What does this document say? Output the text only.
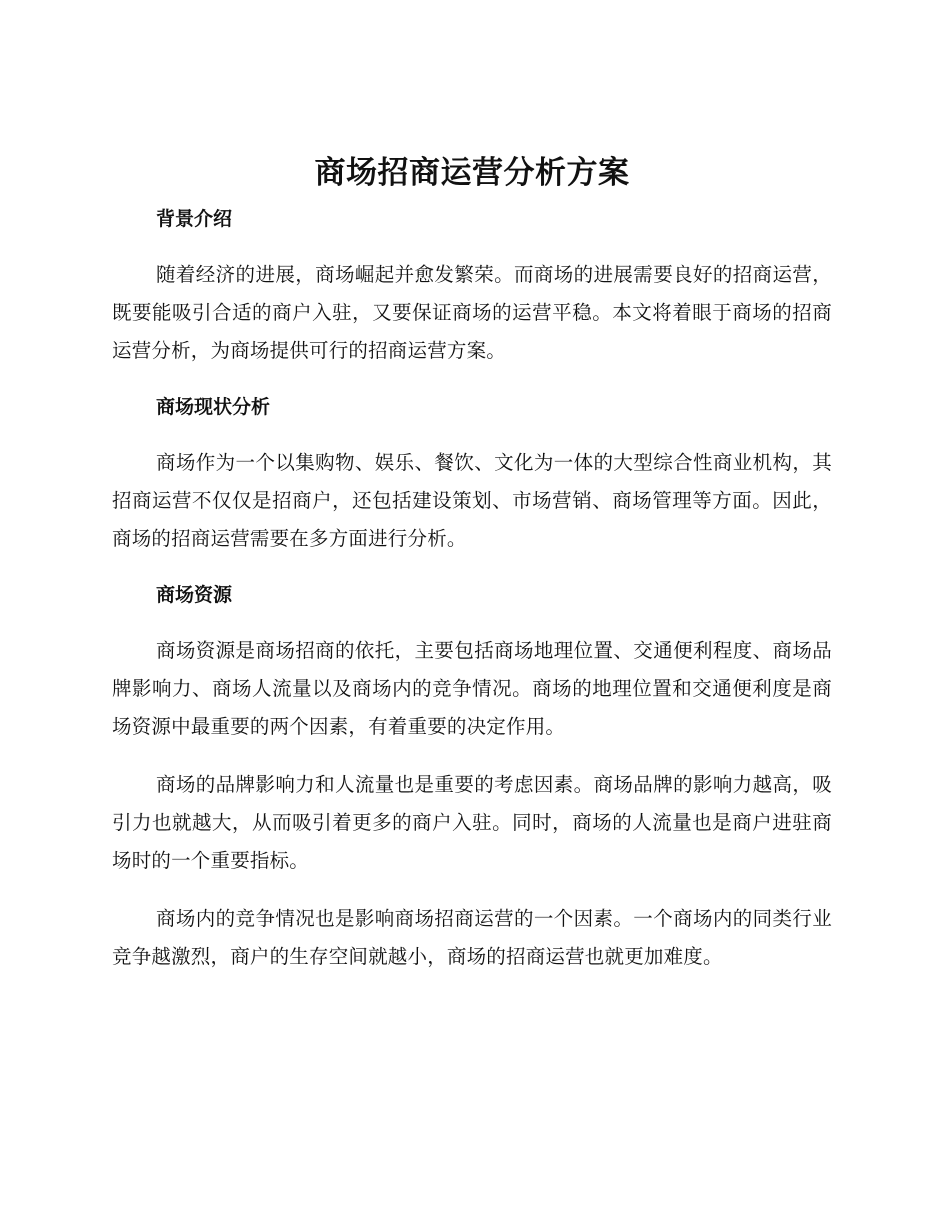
商场招商运营分析方案
背景介绍

随着经济的进展，商场崛起并愈发繁荣。而商场的进展需要良好的招商运营，既要能吸引合适的商户入驻，又要保证商场的运营平稳。本文将着眼于商场的招商运营分析，为商场提供可行的招商运营方案。

商场现状分析

商场作为一个以集购物、娱乐、餐饮、文化为一体的大型综合性商业机构，其招商运营不仅仅是招商户，还包括建设策划、市场营销、商场管理等方面。因此，商场的招商运营需要在多方面进行分析。

商场资源

商场资源是商场招商的依托，主要包括商场地理位置、交通便利程度、商场品牌影响力、商场人流量以及商场内的竞争情况。商场的地理位置和交通便利度是商场资源中最重要的两个因素，有着重要的决定作用。

商场的品牌影响力和人流量也是重要的考虑因素。商场品牌的影响力越高，吸引力也就越大，从而吸引着更多的商户入驻。同时，商场的人流量也是商户进驻商场时的一个重要指标。

商场内的竞争情况也是影响商场招商运营的一个因素。一个商场内的同类行业竞争越激烈，商户的生存空间就越小，商场的招商运营也就更加难度。
